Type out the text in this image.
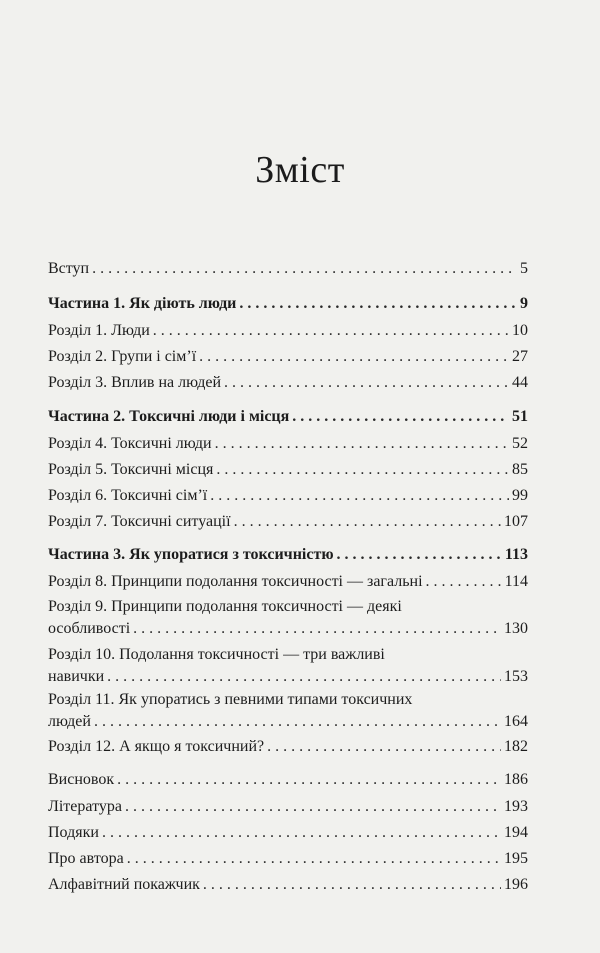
Зміст
Вступ . . .	5
Частина 1. Як діють люди . . .	9
Розділ 1. Люди . . .	10
Розділ 2. Групи і сім’ї . . .	27
Розділ 3. Вплив на людей . . .	44
Частина 2. Токсичні люди і місця . . .	51
Розділ 4. Токсичні люди . . .	52
Розділ 5. Токсичні місця . . .	85
Розділ 6. Токсичні сім’ї . . .	99
Розділ 7. Токсичні ситуації . . .	107
Частина 3. Як упоратися з токсичністю . . .	113
Розділ 8. Принципи подолання токсичності — загальні . . .	114
Розділ 9. Принципи подолання токсичності — деякі
особливості . . .	130
Розділ 10. Подолання токсичності — три важливі
навички . . .	153
Розділ 11. Як упоратись з певними типами токсичних
людей . . .	164
Розділ 12. А якщо я токсичний? . . .	182
Висновок . . .	186
Література . . .	193
Подяки . . .	194
Про автора . . .	195
Алфавітний покажчик . . .	196
